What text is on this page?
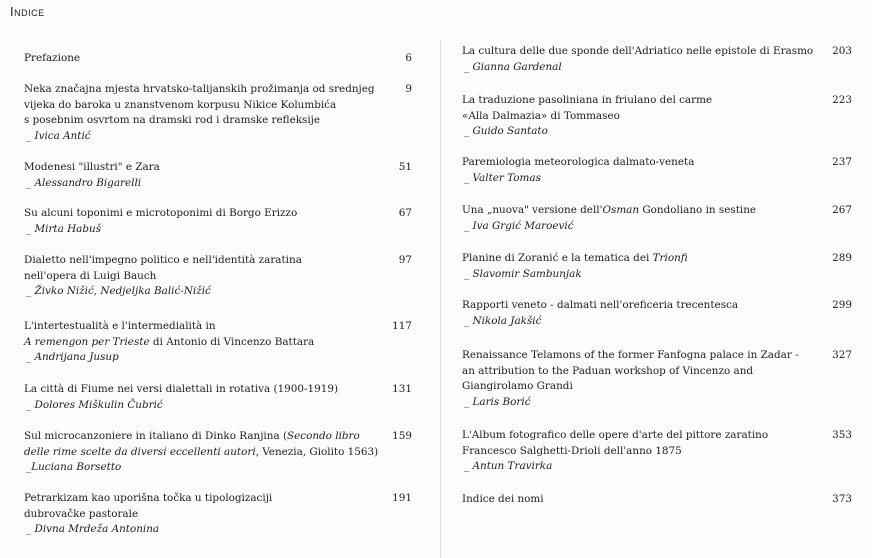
Indice
6
Prefazione
9
Neka značajna mjesta hrvatsko-talijanskih prožimanja od srednjeg
vijeka do baroka u znanstvenom korpusu Nikice Kolumbića
s posebnim osvrtom na dramski rod i dramske refleksije
_ Ivica Antić
51
Modenesi "illustri" e Zara
_ Alessandro Bigarelli
67
Su alcuni toponimi e microtoponimi di Borgo Erizzo
_ Mirta Habuš
97
Dialetto nell'impegno politico e nell'identità zaratina
nell'opera di Luigi Bauch
_ Živko Nižić, Nedjeljka Balić-Nižić
117
L'intertestualità e l'intermedialità in
A remengon per Trieste di Antonio di Vincenzo Battara
_ Andrijana Jusup
131
La città di Fiume nei versi dialettali in rotativa (1900-1919)
_ Dolores Miškulin Čubrić
159
Sul microcanzoniere in italiano di Dinko Ranjina (Secondo libro
delle rime scelte da diversi eccellenti autori, Venezia, Giolito 1563)
_Luciana Borsetto
191
Petrarkizam kao uporišna točka u tipologizaciji
dubrovačke pastorale
_ Divna Mrdeža Antonina
203
La cultura delle due sponde dell'Adriatico nelle epistole di Erasmo
_ Gianna Gardenal
223
La traduzione pasoliniana in friulano del carme
«Alla Dalmazia» di Tommaseo
_ Guido Santato
237
Paremiologia meteorologica dalmato-veneta
_ Valter Tomas
267
Una „nuova" versione dell'Osman Gondoliano in sestine
_ Iva Grgić Maroević
289
Planine di Zoranić e la tematica dei Trionfi
_ Slavomir Sambunjak
299
Rapporti veneto - dalmati nell'oreficeria trecentesca
_ Nikola Jakšić
327
Renaissance Telamons of the former Fanfogna palace in Zadar -
an attribution to the Paduan workshop of Vincenzo and
Giangirolamo Grandi
_ Laris Borić
353
L'Album fotografico delle opere d'arte del pittore zaratino
Francesco Salghetti-Drioli dell'anno 1875
_ Antun Travirka
373
Indice dei nomi
